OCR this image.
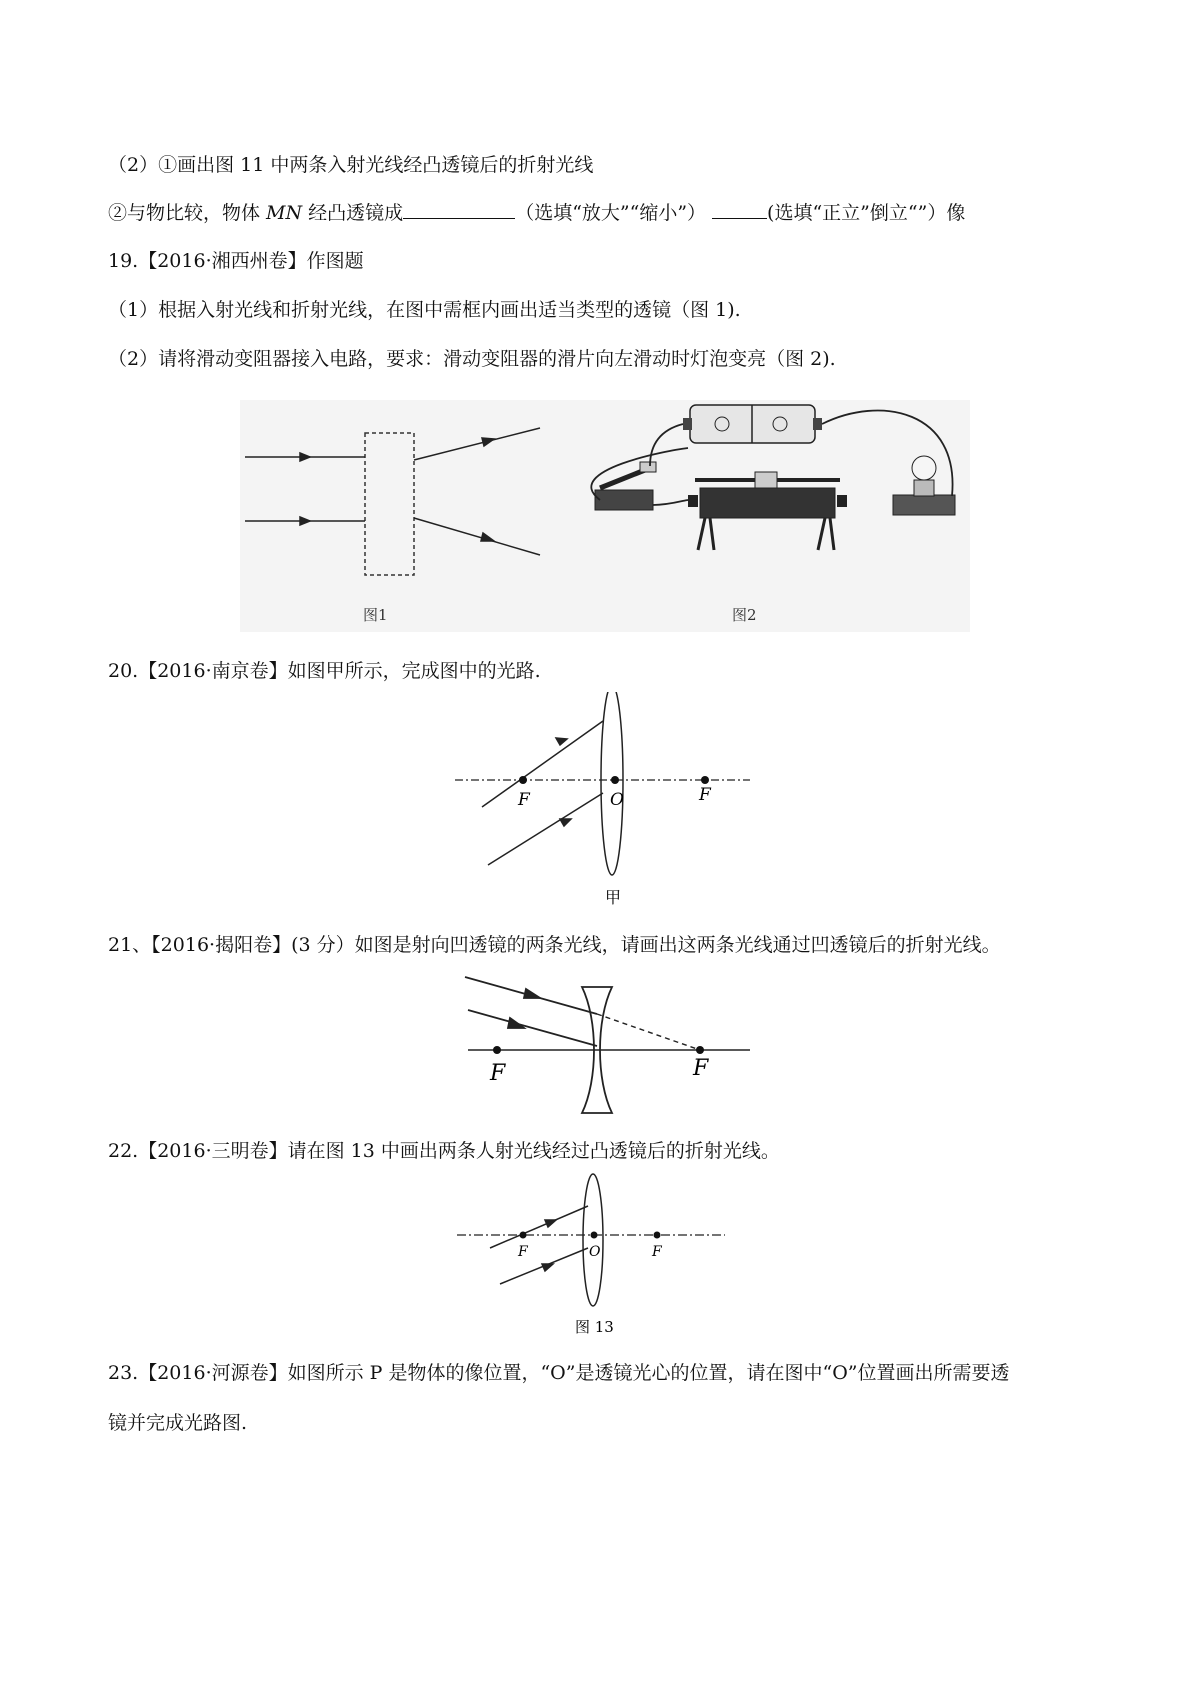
（2）①画出图 11 中两条入射光线经凸透镜后的折射光线
②与物比较，物体 MN 经凸透镜成	（选填“放大”“缩小”）	(选填“正立”倒立“”）像
19.【2016·湘西州卷】作图题
（1）根据入射光线和折射光线，在图中需框内画出适当类型的透镜（图 1).
（2）请将滑动变阻器接入电路，要求：滑动变阻器的滑片向左滑动时灯泡变亮（图 2).
图1	图2
20.【2016·南京卷】如图甲所示，完成图中的光路.
F	O	F
甲
21、【2016·揭阳卷】(3 分）如图是射向凹透镜的两条光线，请画出这两条光线通过凹透镜后的折射光线。
F	F
22.【2016·三明卷】请在图 13 中画出两条人射光线经过凸透镜后的折射光线。
F	O	F
图 13
23.【2016·河源卷】如图所示 P 是物体的像位置，“O”是透镜光心的位置，请在图中“O”位置画出所需要透
镜并完成光路图.
